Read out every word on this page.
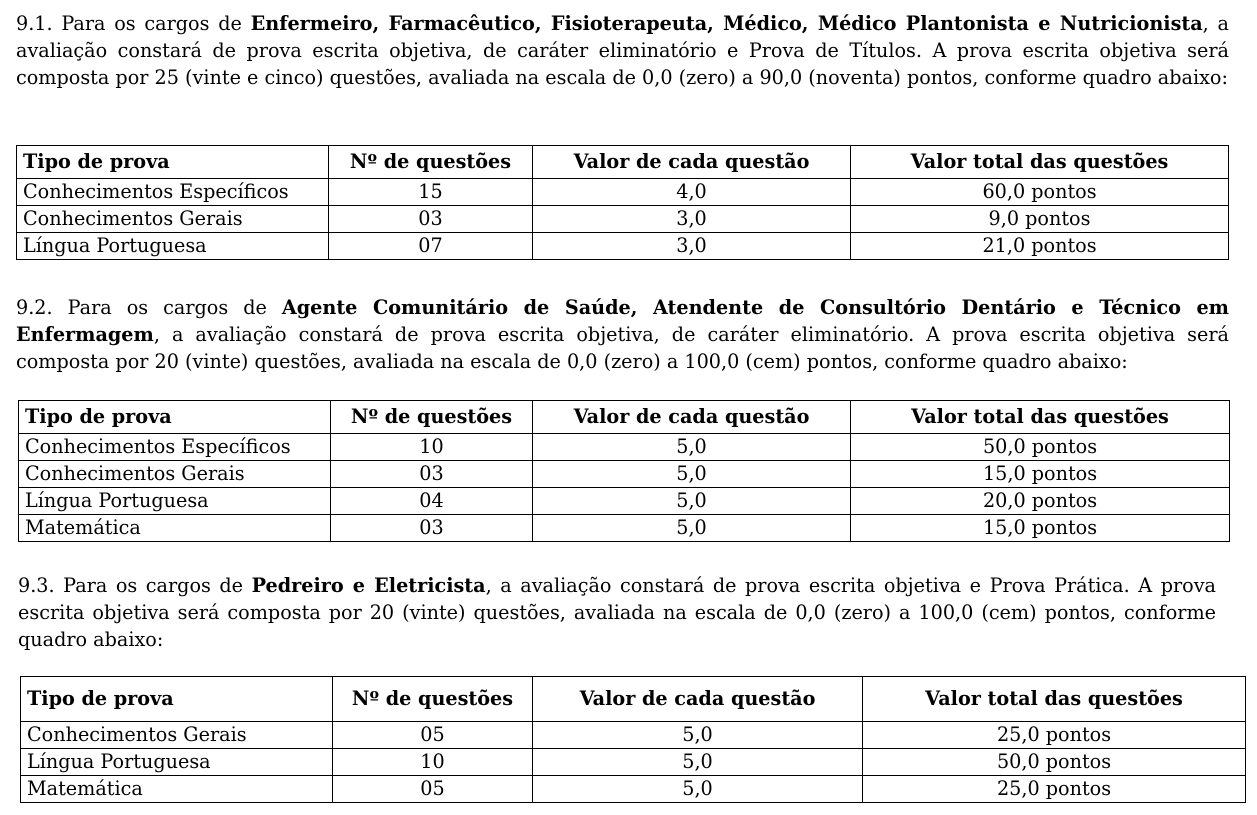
9.1. Para os cargos de Enfermeiro, Farmacêutico, Fisioterapeuta, Médico, Médico Plantonista e Nutricionista, a avaliação constará de prova escrita objetiva, de caráter eliminatório e Prova de Títulos. A prova escrita objetiva será composta por 25 (vinte e cinco) questões, avaliada na escala de 0,0 (zero) a 90,0 (noventa) pontos, conforme quadro abaixo:

Tipo de prova	Nº de questões	Valor de cada questão	Valor total das questões
Conhecimentos Específicos	15	4,0	60,0 pontos
Conhecimentos Gerais	03	3,0	9,0 pontos
Língua Portuguesa	07	3,0	21,0 pontos

9.2. Para os cargos de Agente Comunitário de Saúde, Atendente de Consultório Dentário e Técnico em Enfermagem, a avaliação constará de prova escrita objetiva, de caráter eliminatório. A prova escrita objetiva será composta por 20 (vinte) questões, avaliada na escala de 0,0 (zero) a 100,0 (cem) pontos, conforme quadro abaixo:

Tipo de prova	Nº de questões	Valor de cada questão	Valor total das questões
Conhecimentos Específicos	10	5,0	50,0 pontos
Conhecimentos Gerais	03	5,0	15,0 pontos
Língua Portuguesa	04	5,0	20,0 pontos
Matemática	03	5,0	15,0 pontos

9.3. Para os cargos de Pedreiro e Eletricista, a avaliação constará de prova escrita objetiva e Prova Prática. A prova escrita objetiva será composta por 20 (vinte) questões, avaliada na escala de 0,0 (zero) a 100,0 (cem) pontos, conforme quadro abaixo:

Tipo de prova	Nº de questões	Valor de cada questão	Valor total das questões
Conhecimentos Gerais	05	5,0	25,0 pontos
Língua Portuguesa	10	5,0	50,0 pontos
Matemática	05	5,0	25,0 pontos
